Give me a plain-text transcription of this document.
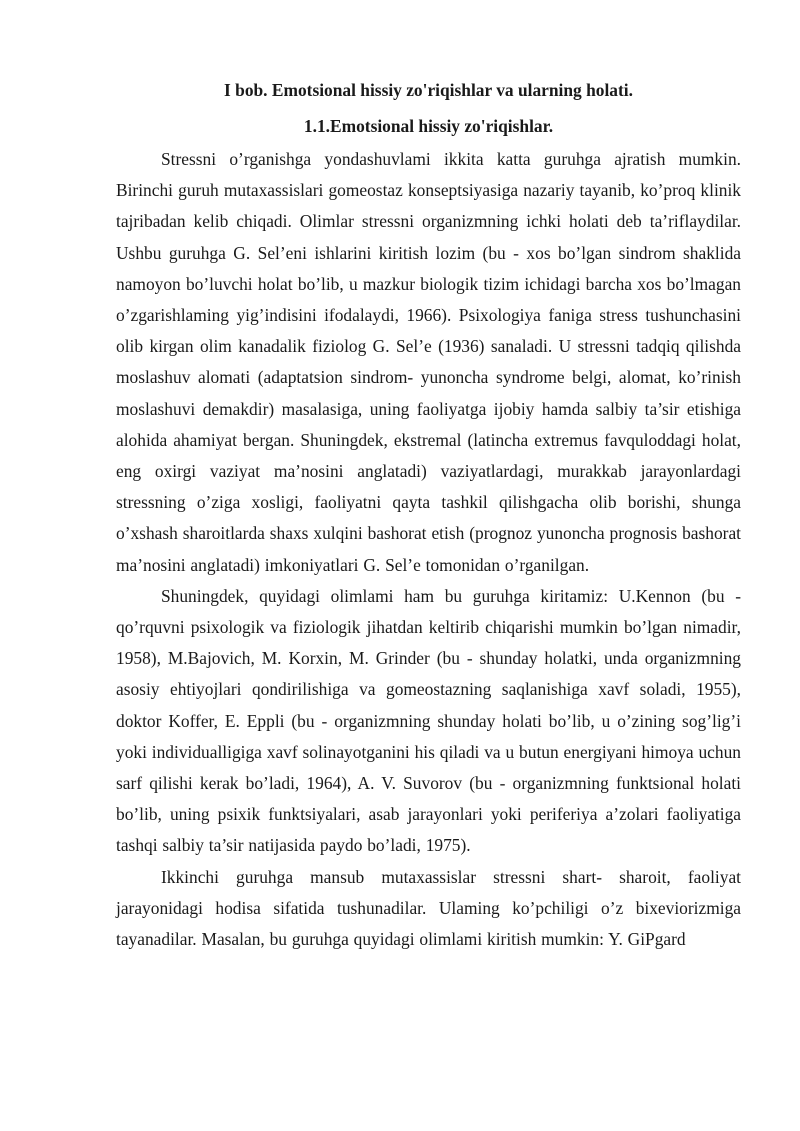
I bob. Emotsional hissiy zo'riqishlar va ularning holati.
1.1.Emotsional hissiy zo'riqishlar.

Stressni o’rganishga yondashuvlami ikkita katta guruhga ajratish mumkin. Birinchi guruh mutaxassislari gomeostaz konseptsiyasiga nazariy tayanib, ko’proq klinik tajribadan kelib chiqadi. Olimlar stressni organizmning ichki holati deb ta’riflaydilar. Ushbu guruhga G. Sel’eni ishlarini kiritish lozim (bu - xos bo’lgan sindrom shaklida namoyon bo’luvchi holat bo’lib, u mazkur biologik tizim ichidagi barcha xos bo’lmagan o’zgarishlaming yig’indisini ifodalaydi, 1966). Psixologiya faniga stress tushunchasini olib kirgan olim kanadalik fiziolog G. Sel’e (1936) sanaladi. U stressni tadqiq qilishda moslashuv alomati (adaptatsion sindrom- yunoncha syndrome belgi, alomat, ko’rinish moslashuvi demakdir) masalasiga, uning faoliyatga ijobiy hamda salbiy ta’sir etishiga alohida ahamiyat bergan. Shuningdek, ekstremal (latincha extremus favquloddagi holat, eng oxirgi vaziyat ma’nosini anglatadi) vaziyatlardagi, murakkab jarayonlardagi stressning o’ziga xosligi, faoliyatni qayta tashkil qilishgacha olib borishi, shunga o’xshash sharoitlarda shaxs xulqini bashorat etish (prognoz yunoncha prognosis bashorat ma’nosini anglatadi) imkoniyatlari G. Sel’e tomonidan o’rganilgan.

Shuningdek, quyidagi olimlami ham bu guruhga kiritamiz: U.Kennon (bu - qo’rquvni psixologik va fiziologik jihatdan keltirib chiqarishi mumkin bo’lgan nimadir, 1958), M.Bajovich, M. Korxin, M. Grinder (bu - shunday holatki, unda organizmning asosiy ehtiyojlari qondirilishiga va gomeostazning saqlanishiga xavf soladi, 1955), doktor Koffer, E. Eppli (bu - organizmning shunday holati bo’lib, u o’zining sog’lig’i yoki individualligiga xavf solinayotganini his qiladi va u butun energiyani himoya uchun sarf qilishi kerak bo’ladi, 1964), A. V. Suvorov (bu - organizmning funktsional holati bo’lib, uning psixik funktsiyalari, asab jarayonlari yoki periferiya a’zolari faoliyatiga tashqi salbiy ta’sir natijasida paydo bo’ladi, 1975).

Ikkinchi guruhga mansub mutaxassislar stressni shart- sharoit, faoliyat jarayonidagi hodisa sifatida tushunadilar. Ulaming ko’pchiligi o’z bixeviorizmiga tayanadilar. Masalan, bu guruhga quyidagi olimlami kiritish mumkin: Y. GiPgard
